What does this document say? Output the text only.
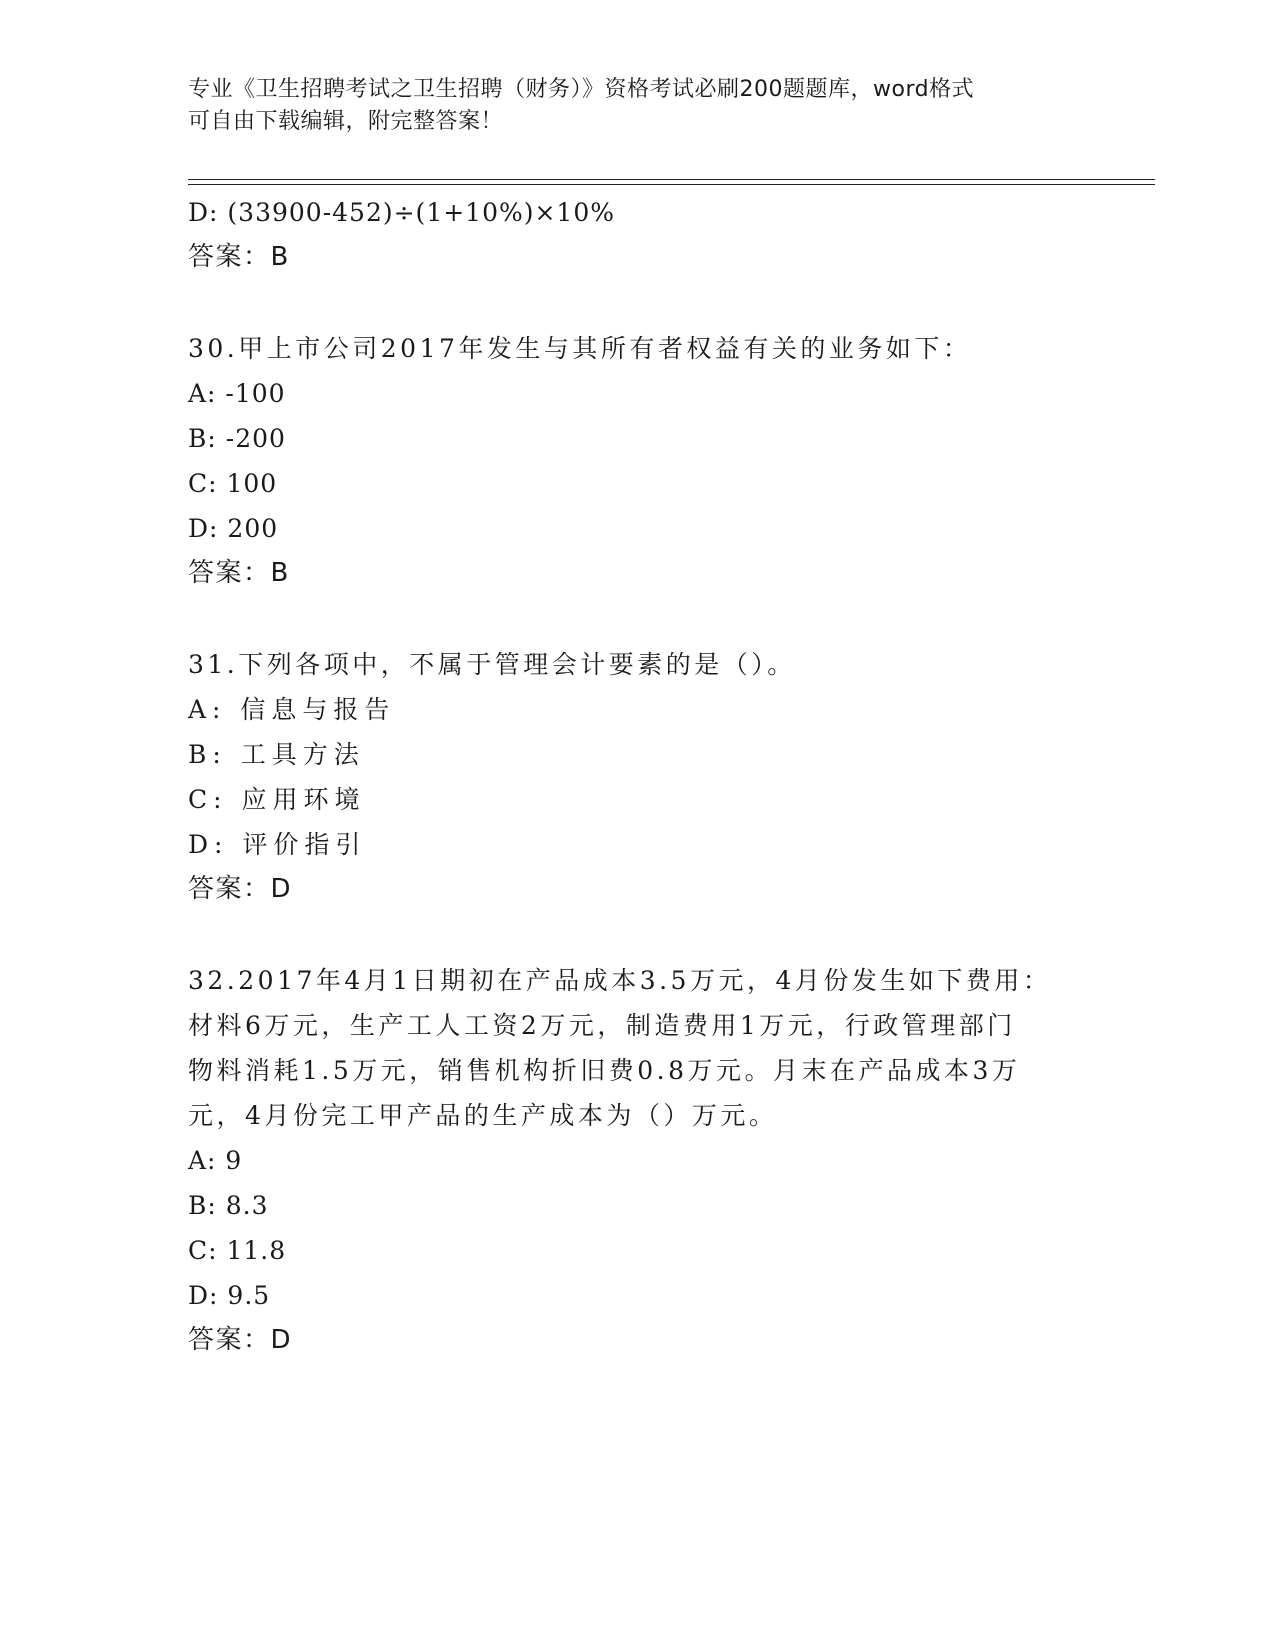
专业《卫生招聘考试之卫生招聘（财务）》资格考试必刷200题题库，word格式
可自由下载编辑，附完整答案！
D: (33900-452)÷(1+10%)×10%
答案：B
30.甲上市公司2017年发生与其所有者权益有关的业务如下：
A: -100
B: -200
C: 100
D: 200
答案：B
31.下列各项中，不属于管理会计要素的是（）。
A: 信息与报告
B: 工具方法
C: 应用环境
D: 评价指引
答案：D
32.2017年4月1日期初在产品成本3.5万元，4月份发生如下费用：
材料6万元，生产工人工资2万元，制造费用1万元，行政管理部门
物料消耗1.5万元，销售机构折旧费0.8万元。月末在产品成本3万
元，4月份完工甲产品的生产成本为（）万元。
A: 9
B: 8.3
C: 11.8
D: 9.5
答案：D
